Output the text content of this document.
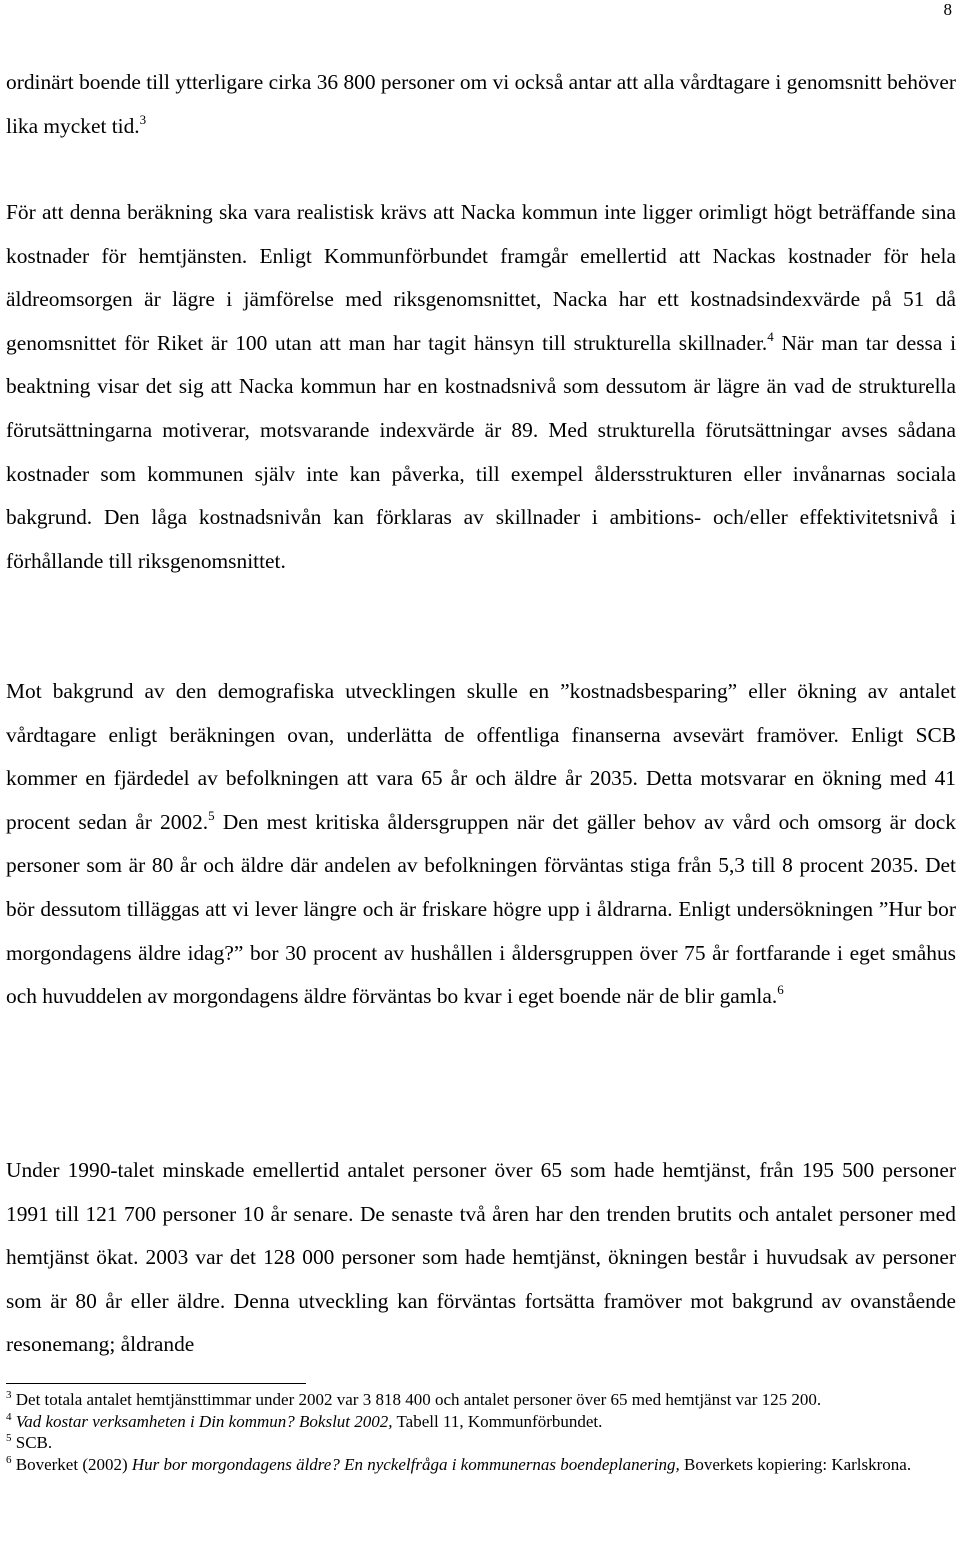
8

ordinärt boende till ytterligare cirka 36 800 personer om vi också antar att alla vårdtagare i genomsnitt behöver lika mycket tid.$^3$

För att denna beräkning ska vara realistisk krävs att Nacka kommun inte ligger orimligt högt beträffande sina kostnader för hemtjänsten. Enligt Kommunförbundet framgår emellertid att Nackas kostnader för hela äldreomsorgen är lägre i jämförelse med riksgenomsnittet, Nacka har ett kostnadsindexvärde på 51 då genomsnittet för Riket är 100 utan att man har tagit hänsyn till strukturella skillnader.$^4$ När man tar dessa i beaktning visar det sig att Nacka kommun har en kostnadsnivå som dessutom är lägre än vad de strukturella förutsättningarna motiverar, motsvarande indexvärde är 89. Med strukturella förutsättningar avses sådana kostnader som kommunen själv inte kan påverka, till exempel åldersstrukturen eller invånarnas sociala bakgrund. Den låga kostnadsnivån kan förklaras av skillnader i ambitions- och/eller effektivitetsnivå i förhållande till riksgenomsnittet.

Mot bakgrund av den demografiska utvecklingen skulle en ”kostnadsbesparing” eller ökning av antalet vårdtagare enligt beräkningen ovan, underlätta de offentliga finanserna avsevärt framöver. Enligt SCB kommer en fjärdedel av befolkningen att vara 65 år och äldre år 2035. Detta motsvarar en ökning med 41 procent sedan år 2002.$^5$ Den mest kritiska åldersgruppen när det gäller behov av vård och omsorg är dock personer som är 80 år och äldre där andelen av befolkningen förväntas stiga från 5,3 till 8 procent 2035. Det bör dessutom tilläggas att vi lever längre och är friskare högre upp i åldrarna. Enligt undersökningen ”Hur bor morgondagens äldre idag?” bor 30 procent av hushållen i åldersgruppen över 75 år fortfarande i eget småhus och huvuddelen av morgondagens äldre förväntas bo kvar i eget boende när de blir gamla.$^6$

Under 1990-talet minskade emellertid antalet personer över 65 som hade hemtjänst, från 195 500 personer 1991 till 121 700 personer 10 år senare. De senaste två åren har den trenden brutits och antalet personer med hemtjänst ökat. 2003 var det 128 000 personer som hade hemtjänst, ökningen består i huvudsak av personer som är 80 år eller äldre. Denna utveckling kan förväntas fortsätta framöver mot bakgrund av ovanstående resonemang; åldrande

$^3$ Det totala antalet hemtjänsttimmar under 2002 var 3 818 400 och antalet personer över 65 med hemtjänst var 125 200.

$^4$ Vad kostar verksamheten i Din kommun? Bokslut 2002, Tabell 11, Kommunförbundet.

$^5$ SCB.

$^6$ Boverket (2002) Hur bor morgondagens äldre? En nyckelfråga i kommunernas boendeplanering, Boverkets kopiering: Karlskrona.
